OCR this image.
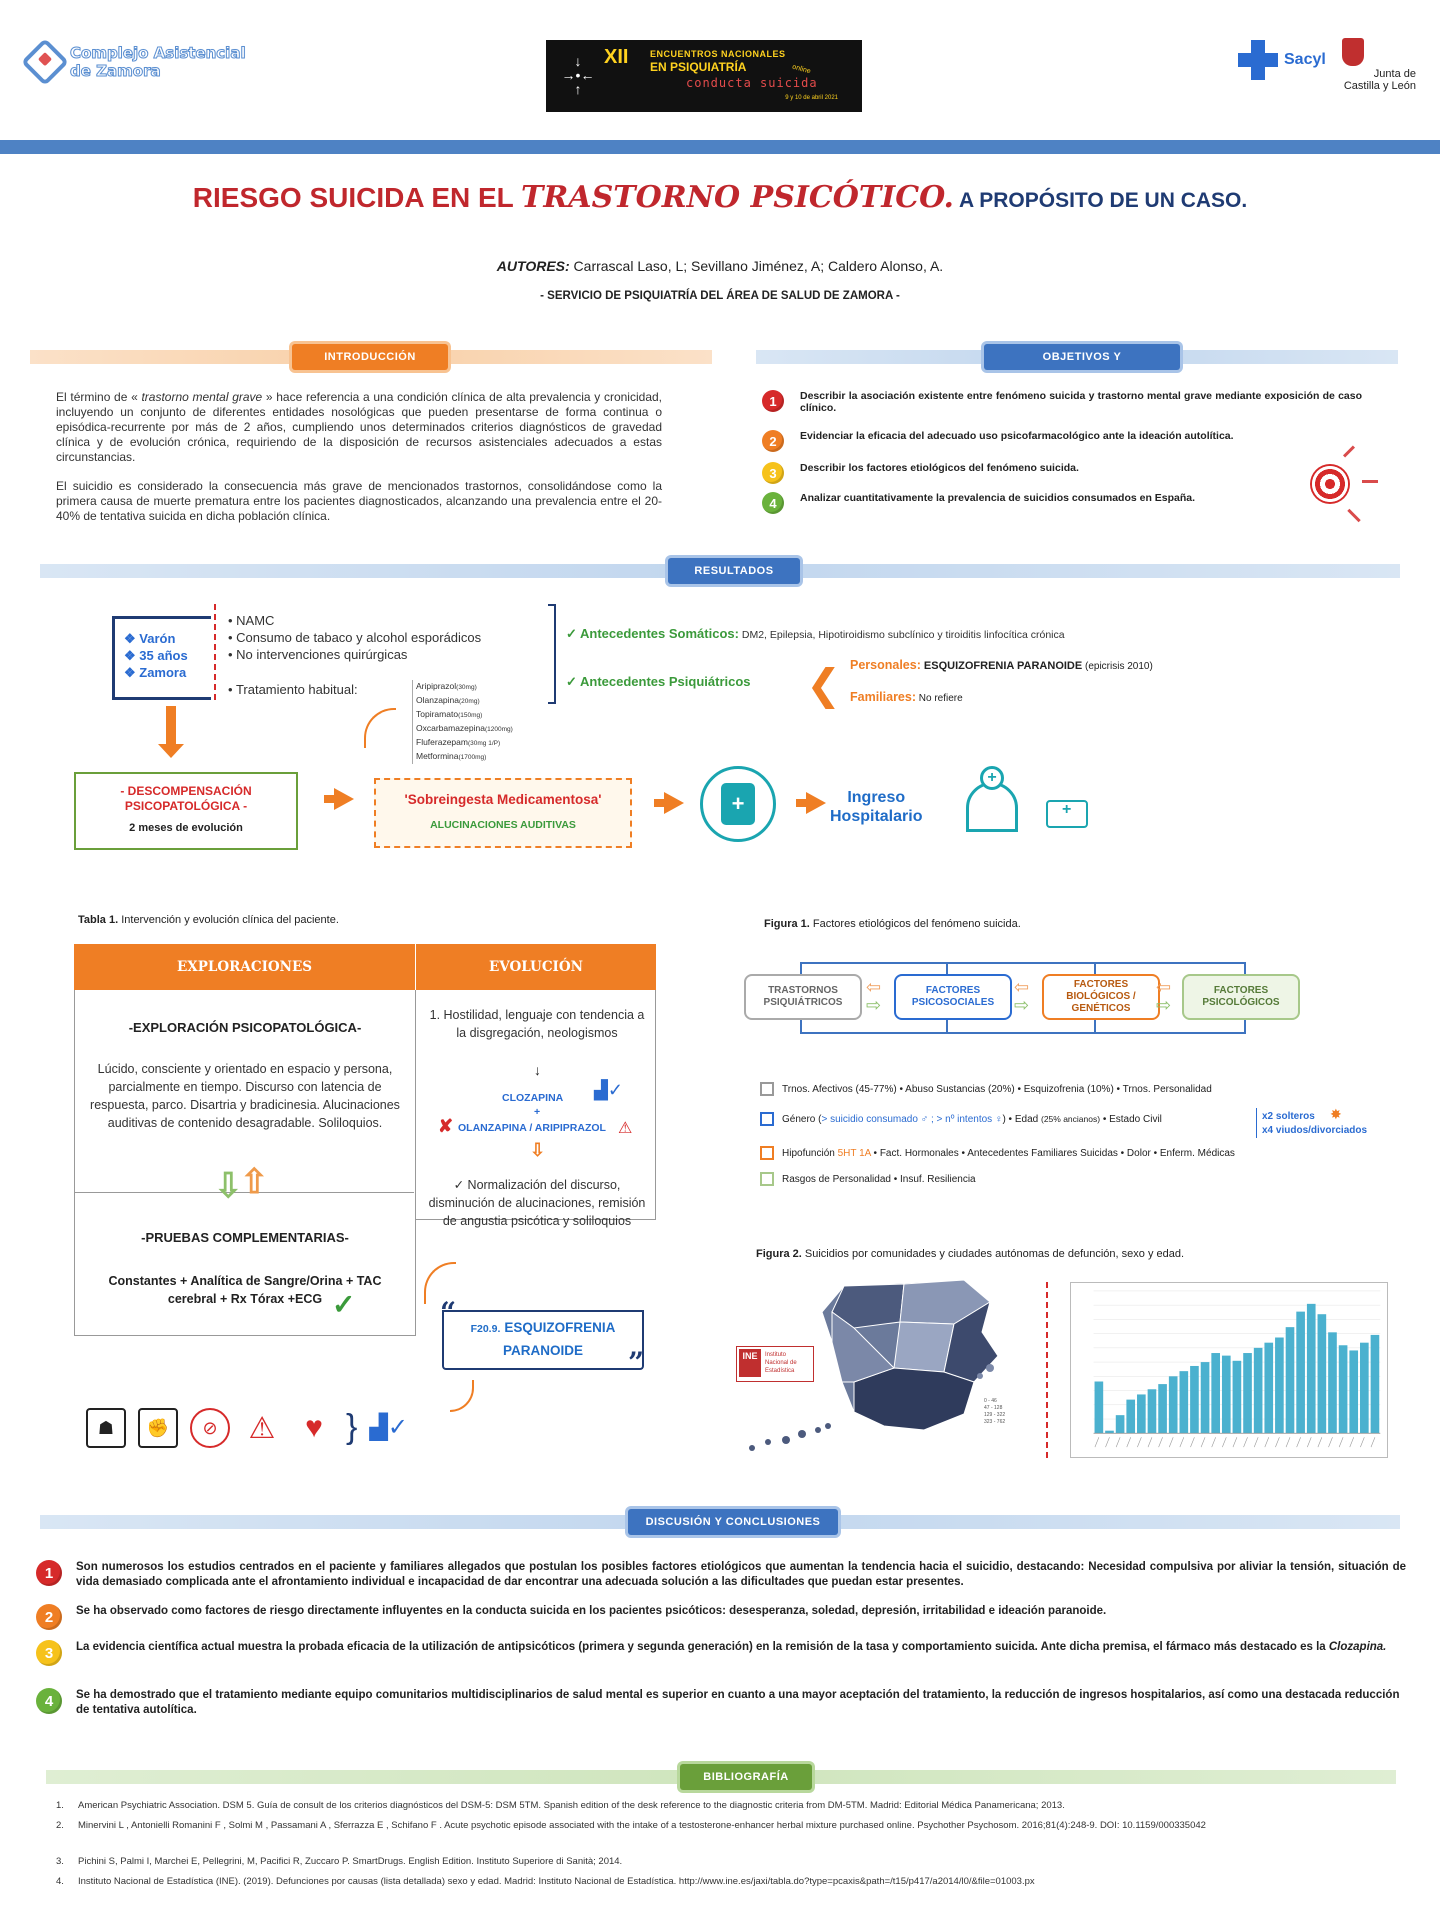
Complejo Asistencial
de Zamora
↓
→•←
↑
XII ENCUENTROS NACIONALES
EN PSIQUIATRÍA	online
conducta suicida
9 y 10 de abril 2021
Sacyl
Junta de
Castilla y León
RIESGO SUICIDA EN EL TRASTORNO PSICÓTICO. A PROPÓSITO DE UN CASO.
AUTORES: Carrascal Laso, L; Sevillano Jiménez, A; Caldero Alonso, A.
- SERVICIO DE PSIQUIATRÍA DEL ÁREA DE SALUD DE ZAMORA -
INTRODUCCIÓN

El término de « trastorno mental grave » hace referencia a una condición clínica de alta prevalencia y cronicidad, incluyendo un conjunto de diferentes entidades nosológicas que pueden presentarse de forma continua o episódica-recurrente por más de 2 años, cumpliendo unos determinados criterios diagnósticos de gravedad clínica y de evolución crónica, requiriendo de la disposición de recursos asistenciales adecuados a estas circunstancias.

El suicidio es considerado la consecuencia más grave de mencionados trastornos, consolidándose como la primera causa de muerte prematura entre los pacientes diagnosticados, alcanzando una prevalencia entre el 20-40% de tentativa suicida en dicha población clínica.

OBJETIVOS Y METODOLOGÍA
1	Describir la asociación existente entre fenómeno suicida y trastorno mental grave mediante exposición de caso clínico.
2	Evidenciar la eficacia del adecuado uso psicofarmacológico ante la ideación autolítica.
3	Describir los factores etiológicos del fenómeno suicida.
4	Analizar cuantitativamente la prevalencia de suicidios consumados en España.
RESULTADOS
❖ Varón
❖ 35 años
❖ Zamora
• NAMC
• Consumo de tabaco y alcohol esporádicos
• No intervenciones quirúrgicas
• Tratamiento habitual:	Aripiprazol(30mg)
Olanzapina(20mg)
Topiramato(150mg)
Oxcarbamazepina(1200mg)
Fluferazepam(30mg 1/P)
Metformina(1700mg)
✓ Antecedentes Somáticos: DM2, Epilepsia, Hipotiroidismo subclínico y tiroiditis linfocítica crónica
✓ Antecedentes Psiquiátricos ❮ Personales: ESQUIZOFRENIA PARANOIDE (epicrisis 2010)
Familiares: No refiere
- DESCOMPENSACIÓN
PSICOPATOLÓGICA -
2 meses de evolución
'Sobreingesta Medicamentosa'
ALUCINACIONES AUDITIVAS
+
Ingreso
Hospitalario
+
+
Tabla 1. Intervención y evolución clínica del paciente.
EXPLORACIONES	EVOLUCIÓN
-EXPLORACIÓN PSICOPATOLÓGICA-
Lúcido, consciente y orientado en espacio y persona, parcialmente en tiempo. Discurso con latencia de respuesta, parco. Disartria y bradicinesia. Alucinaciones auditivas de contenido desagradable. Soliloquios.
⇩
⇧
-PRUEBAS COMPLEMENTARIAS-
Constantes + Analítica de Sangre/Orina + TAC cerebral + Rx Tórax +ECG ✓
1. Hostilidad, lenguaje con tendencia a la disgregación, neologismos
↓
CLOZAPINA ▟✓
+
✘ OLANZAPINA / ARIPIPRAZOL ⚠
⇩
✓ Normalización del discurso, disminución de alucinaciones, remisión de angustia psicótica y soliloquios
F20.9. ESQUIZOFRENIA
PARANOIDE
“
”
☗	✊	⊘	⚠ ♥ } ▟✓
Figura 1. Factores etiológicos del fenómeno suicida.
TRASTORNOS PSIQUIÁTRICOS
FACTORES PSICOSOCIALES
FACTORES BIOLÓGICOS / GENÉTICOS
FACTORES PSICOLÓGICOS
⇦
⇨
⇦
⇨
⇦
⇨
Trnos. Afectivos (45-77%) • Abuso Sustancias (20%) • Esquizofrenia (10%) • Trnos. Personalidad
Género (> suicidio consumado ♂ ; > nº intentos ♀) • Edad (25% ancianos) • Estado Civil	x2 solteros
x4 viudos/divorciados
✸
Hipofunción 5HT 1A • Fact. Hormonales • Antecedentes Familiares Suicidas • Dolor • Enferm. Médicas
Rasgos de Personalidad • Insuf. Resiliencia
Figura 2. Suicidios por comunidades y ciudades autónomas de defunción, sexo y edad.
INE	Instituto
Nacional de
Estadística
0 - 46
47 - 128
129 - 322
323 - 762
DISCUSIÓN Y CONCLUSIONES
1	Son numerosos los estudios centrados en el paciente y familiares allegados que postulan los posibles factores etiológicos que aumentan la tendencia hacia el suicidio, destacando: Necesidad compulsiva por aliviar la tensión, situación de vida demasiado complicada ante el afrontamiento individual e incapacidad de dar encontrar una adecuada solución a las dificultades que puedan estar presentes.
2	Se ha observado como factores de riesgo directamente influyentes en la conducta suicida en los pacientes psicóticos: desesperanza, soledad, depresión, irritabilidad e ideación paranoide.
3	La evidencia científica actual muestra la probada eficacia de la utilización de antipsicóticos (primera y segunda generación) en la remisión de la tasa y comportamiento suicida. Ante dicha premisa, el fármaco más destacado es la Clozapina.
4	Se ha demostrado que el tratamiento mediante equipo comunitarios multidisciplinarios de salud mental es superior en cuanto a una mayor aceptación del tratamiento, la reducción de ingresos hospitalarios, así como una destacada reducción de tentativa autolítica.
BIBLIOGRAFÍA
1. American Psychiatric Association. DSM 5. Guía de consult de los criterios diagnósticos del DSM-5: DSM 5TM. Spanish edition of the desk reference to the diagnostic criteria from DM-5TM. Madrid: Editorial Médica Panamericana; 2013.
2. Minervini L , Antonielli Romanini F , Solmi M , Passamani A , Sferrazza E , Schifano F . Acute psychotic episode associated with the intake of a testosterone-enhancer herbal mixture purchased online. Psychother Psychosom. 2016;81(4):248-9. DOI: 10.1159/000335042
3. Pichini S, Palmi I, Marchei E, Pellegrini, M, Pacifici R, Zuccaro P. SmartDrugs. English Edition. Instituto Superiore di Sanità; 2014.
4. Instituto Nacional de Estadística (INE). (2019). Defunciones por causas (lista detallada) sexo y edad. Madrid: Instituto Nacional de Estadística. http://www.ine.es/jaxi/tabla.do?type=pcaxis&path=/t15/p417/a2014/l0/&file=01003.px
